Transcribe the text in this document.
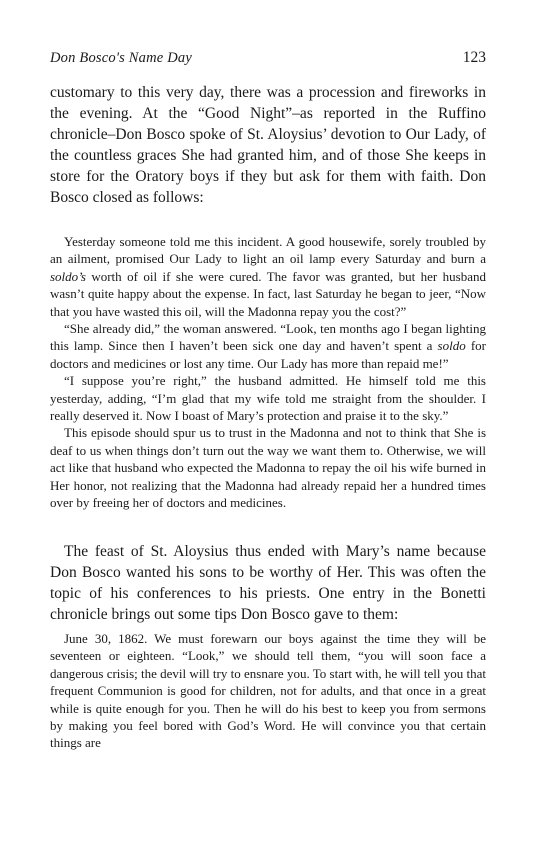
Don Bosco's Name Day	123

customary to this very day, there was a procession and fireworks in the evening. At the “Good Night”–as reported in the Ruffino chronicle–Don Bosco spoke of St. Aloysius’ devotion to Our Lady, of the countless graces She had granted him, and of those She keeps in store for the Oratory boys if they but ask for them with faith. Don Bosco closed as follows:

Yesterday someone told me this incident. A good housewife, sorely troubled by an ailment, promised Our Lady to light an oil lamp every Saturday and burn a soldo’s worth of oil if she were cured. The favor was granted, but her husband wasn’t quite happy about the expense. In fact, last Saturday he began to jeer, “Now that you have wasted this oil, will the Madonna repay you the cost?”

“She already did,” the woman answered. “Look, ten months ago I began lighting this lamp. Since then I haven’t been sick one day and haven’t spent a soldo for doctors and medicines or lost any time. Our Lady has more than repaid me!”

“I suppose you’re right,” the husband admitted. He himself told me this yesterday, adding, “I’m glad that my wife told me straight from the shoulder. I really deserved it. Now I boast of Mary’s protection and praise it to the sky.”

This episode should spur us to trust in the Madonna and not to think that She is deaf to us when things don’t turn out the way we want them to. Otherwise, we will act like that husband who expected the Madonna to repay the oil his wife burned in Her honor, not realizing that the Madonna had already repaid her a hundred times over by freeing her of doctors and medicines.

The feast of St. Aloysius thus ended with Mary’s name because Don Bosco wanted his sons to be worthy of Her. This was often the topic of his conferences to his priests. One entry in the Bonetti chronicle brings out some tips Don Bosco gave to them:

June 30, 1862. We must forewarn our boys against the time they will be seventeen or eighteen. “Look,” we should tell them, “you will soon face a dangerous crisis; the devil will try to ensnare you. To start with, he will tell you that frequent Communion is good for children, not for adults, and that once in a great while is quite enough for you. Then he will do his best to keep you from sermons by making you feel bored with God’s Word. He will convince you that certain things are
